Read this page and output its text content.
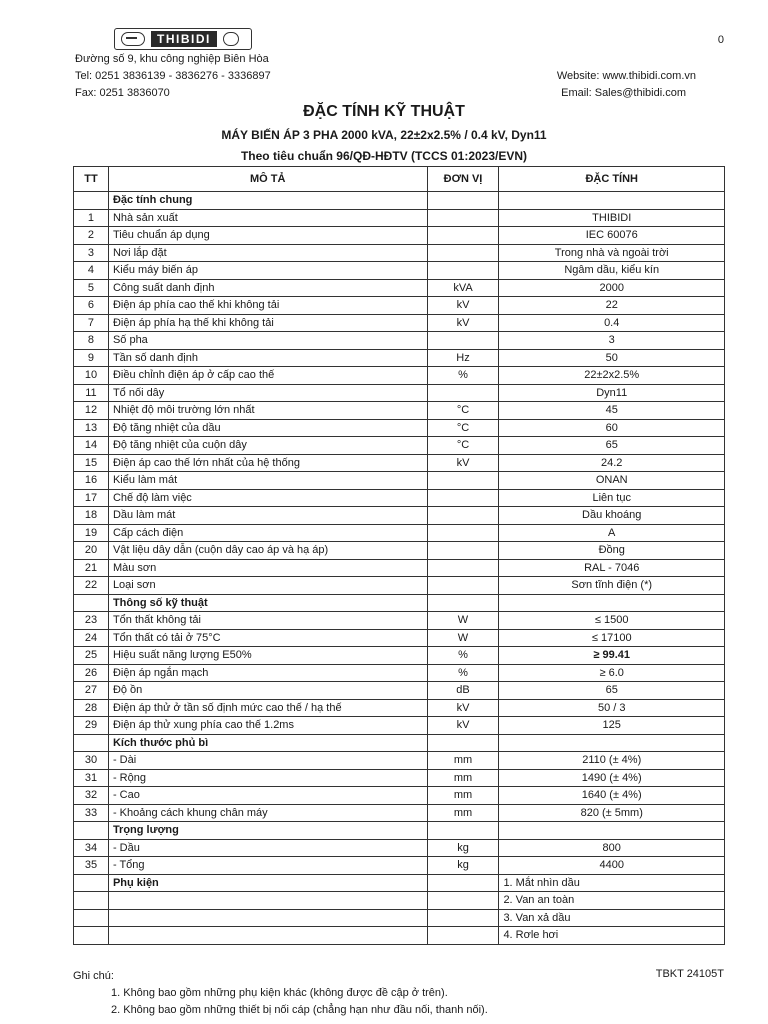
THIBIDI	0
Đường số 9, khu công nghiệp Biên Hòa
Tel: 0251 3836139 - 3836276 - 3336897
Fax: 0251 3836070
Website: www.thibidi.com.vn
Email: Sales@thibidi.com
ĐẶC TÍNH KỸ THUẬT
MÁY BIẾN ÁP 3 PHA 2000 kVA, 22±2x2.5% / 0.4 kV, Dyn11
Theo tiêu chuẩn 96/QĐ-HĐTV (TCCS 01:2023/EVN)
TT	MÔ TẢ	ĐƠN VỊ	ĐẶC TÍNH
	Đặc tính chung		
1	Nhà sản xuất		THIBIDI
2	Tiêu chuẩn áp dụng		IEC 60076
3	Nơi lắp đặt		Trong nhà và ngoài trời
4	Kiểu máy biến áp		Ngâm dầu, kiểu kín
5	Công suất danh định	kVA	2000
6	Điện áp phía cao thế khi không tải	kV	22
7	Điện áp phía hạ thế khi không tải	kV	0.4
8	Số pha		3
9	Tần số danh định	Hz	50
10	Điều chỉnh điện áp ở cấp cao thế	%	22±2x2.5%
11	Tổ nối dây		Dyn11
12	Nhiệt độ môi trường lớn nhất	°C	45
13	Độ tăng nhiệt của dầu	°C	60
14	Độ tăng nhiệt của cuộn dây	°C	65
15	Điện áp cao thế lớn nhất của hệ thống	kV	24.2
16	Kiểu làm mát		ONAN
17	Chế độ làm việc		Liên tục
18	Dầu làm mát		Dầu khoáng
19	Cấp cách điện		A
20	Vật liệu dây dẫn (cuộn dây cao áp và hạ áp)		Đồng
21	Màu sơn		RAL - 7046
22	Loại sơn		Sơn tĩnh điện (*)
	Thông số kỹ thuật		
23	Tổn thất không tải	W	≤ 1500
24	Tổn thất có tải ở 75°C	W	≤ 17100
25	Hiệu suất năng lượng E50%	%	≥ 99.41
26	Điện áp ngắn mạch	%	≥ 6.0
27	Độ ồn	dB	65
28	Điện áp thử ở tần số định mức cao thế / hạ thế	kV	50 / 3
29	Điện áp thử xung phía cao thế 1.2ms	kV	125
	Kích thước phủ bì		
30	- Dài	mm	2110 (± 4%)
31	- Rộng	mm	1490 (± 4%)
32	- Cao	mm	1640 (± 4%)
33	- Khoảng cách khung chân máy	mm	820 (± 5mm)
	Trọng lượng		
34	- Dầu	kg	800
35	- Tổng	kg	4400
	Phụ kiện		1. Mắt nhìn dầu
			2. Van an toàn
			3. Van xả dầu
			4. Rơle hơi
Ghi chú:
1. Không bao gồm những phụ kiện khác (không được đề cập ở trên).
2. Không bao gồm những thiết bị nối cáp (chẳng hạn như đầu nối, thanh nối).
TBKT 24105T
